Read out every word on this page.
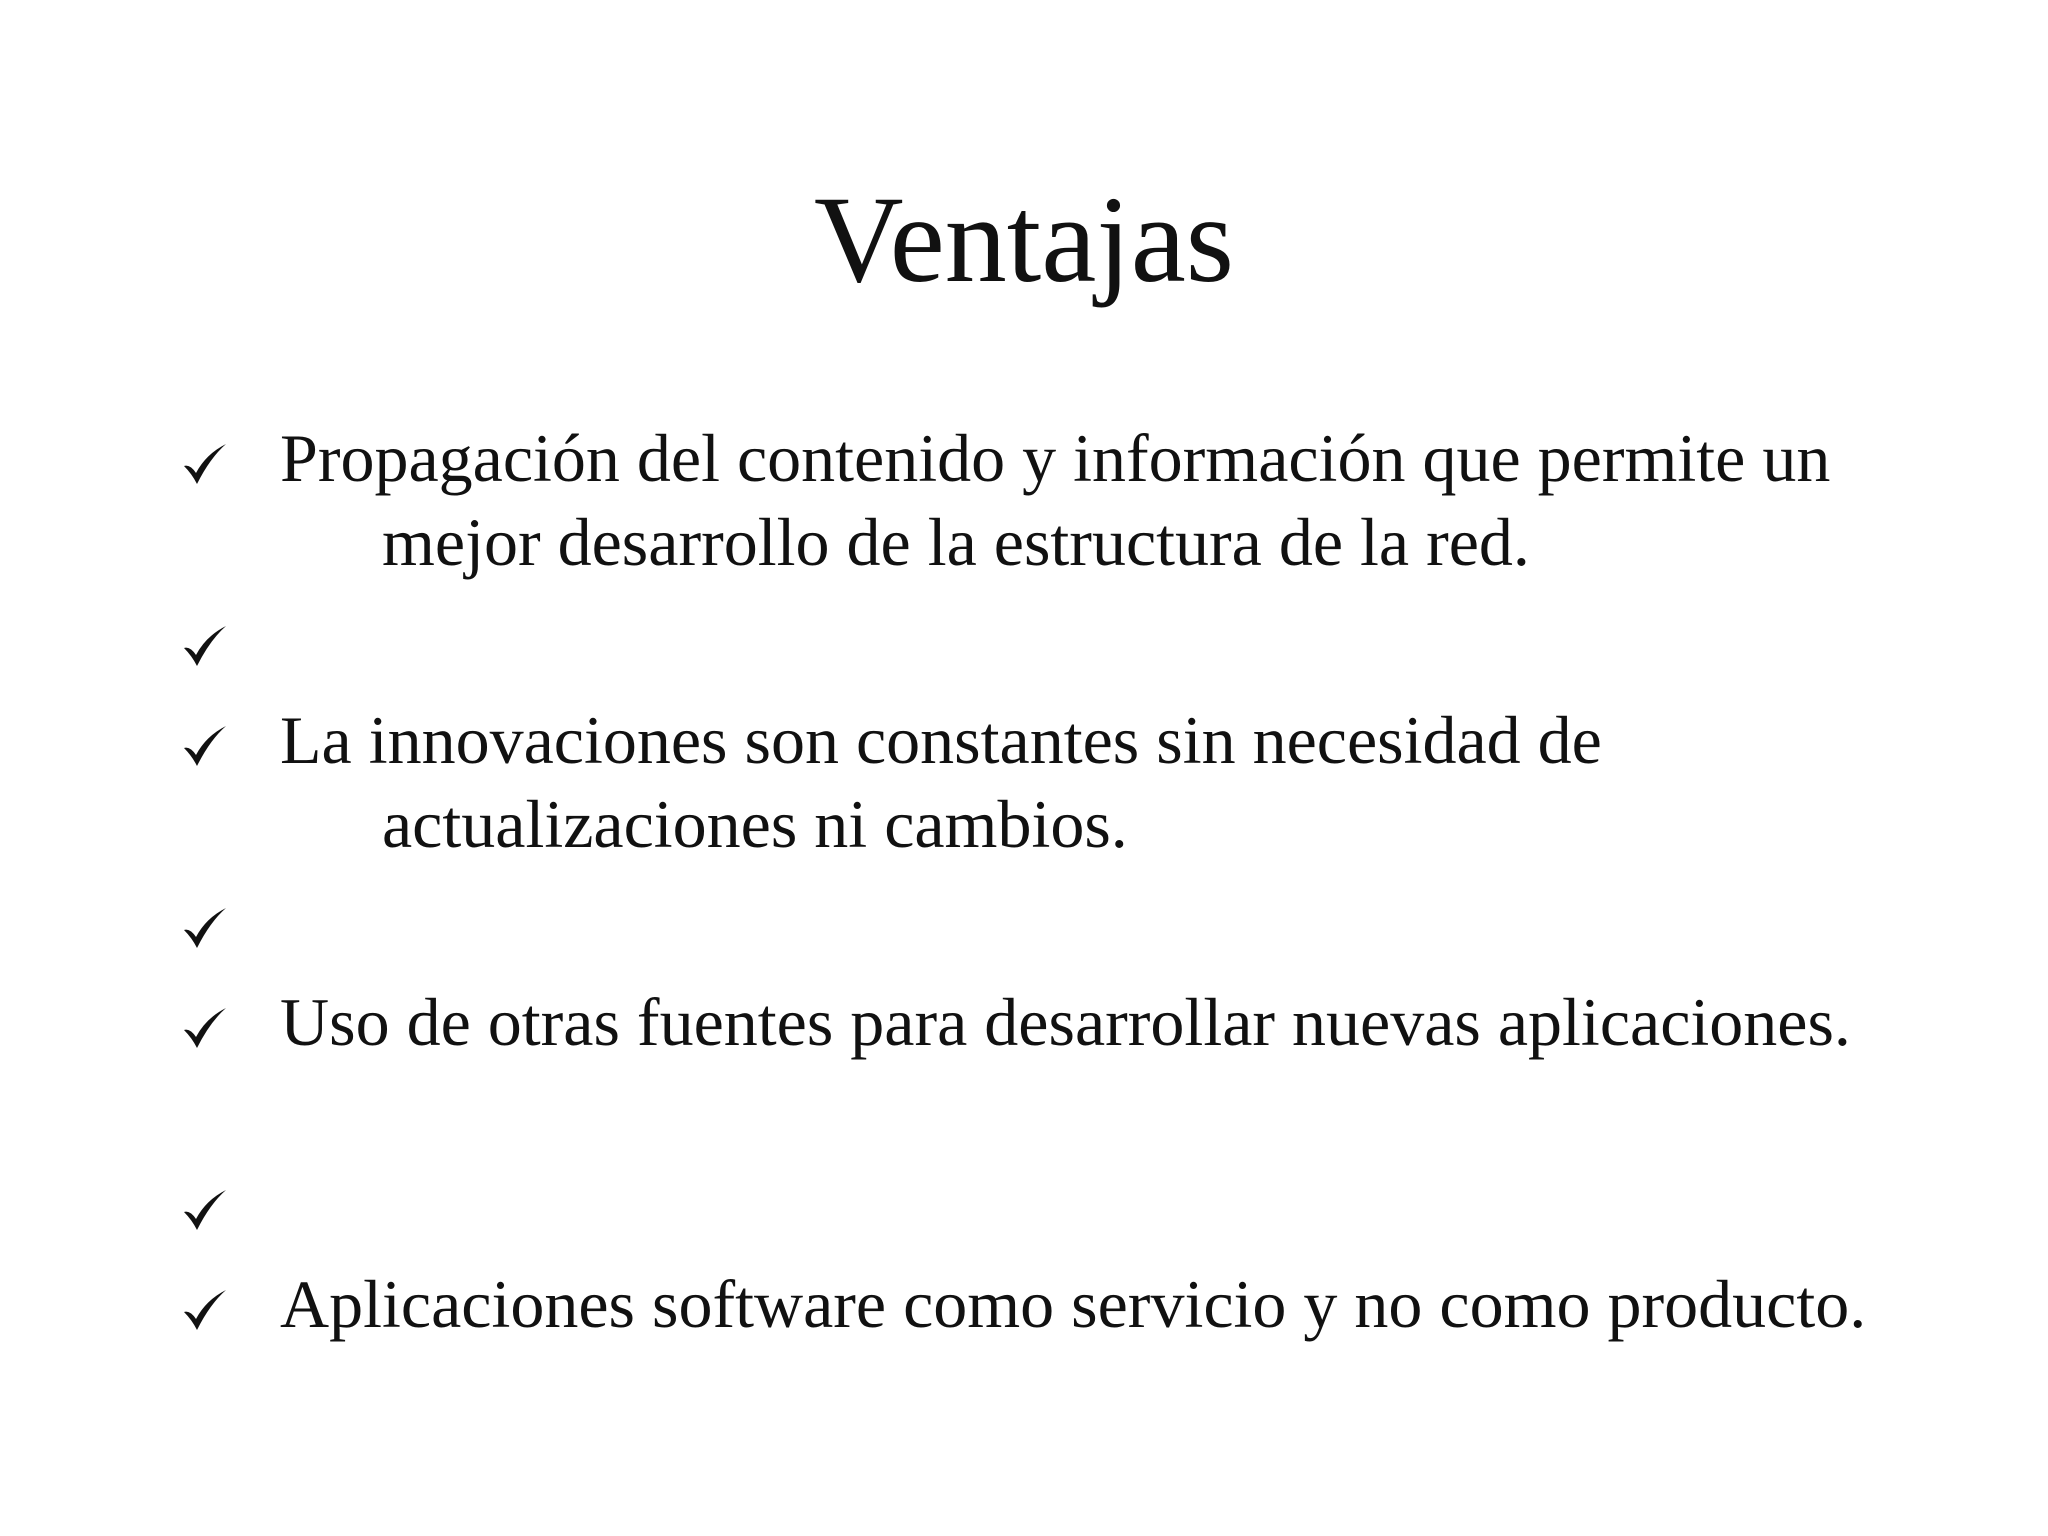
Ventajas

Propagación del contenido y información que permite un mejor desarrollo de la estructura de la red.

La innovaciones son constantes sin necesidad de actualizaciones ni cambios.

Uso de otras fuentes para desarrollar nuevas aplicaciones.

Aplicaciones software como servicio y no como producto.
